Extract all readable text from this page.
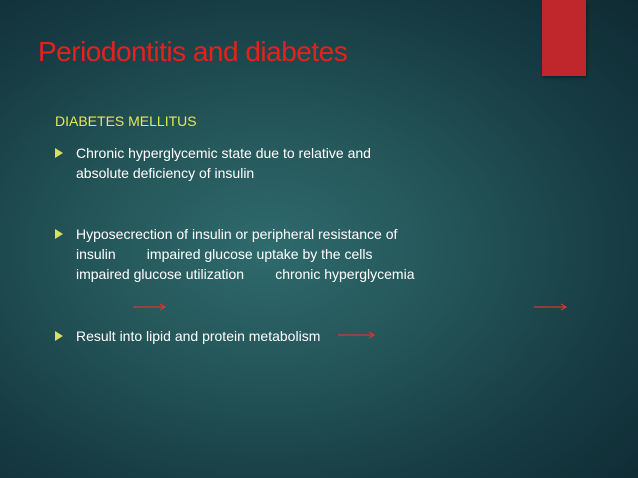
Periodontitis and diabetes

DIABETES MELLITUS

Chronic hyperglycemic state due to relative and
absolute deficiency of insulin
Hyposecrection of insulin or peripheral resistance of
insulin        impaired glucose uptake by the cells
impaired glucose utilization        chronic hyperglycemia
Result into lipid and protein metabolism
